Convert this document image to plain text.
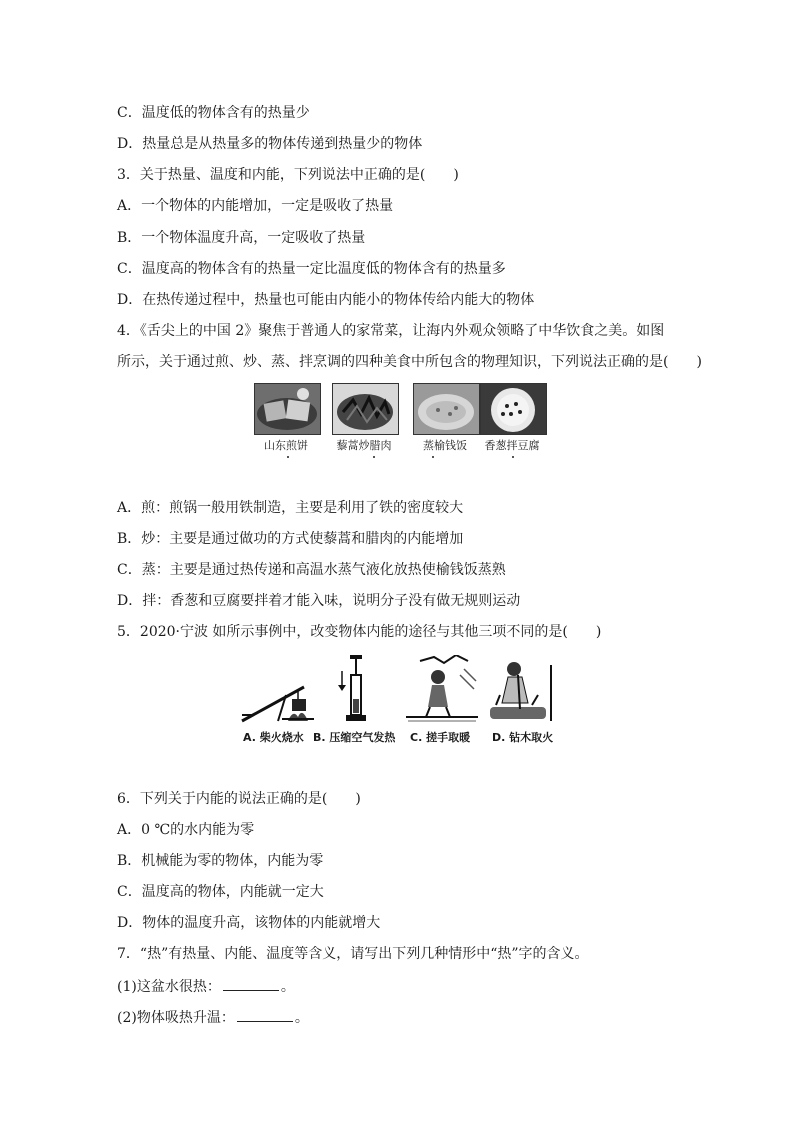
C．温度低的物体含有的热量少
D．热量总是从热量多的物体传递到热量少的物体
3．关于热量、温度和内能，下列说法中正确的是(　　)
A．一个物体的内能增加，一定是吸收了热量
B．一个物体温度升高，一定吸收了热量
C．温度高的物体含有的热量一定比温度低的物体含有的热量多
D．在热传递过程中，热量也可能由内能小的物体传给内能大的物体
4．《舌尖上的中国 2》聚焦于普通人的家常菜，让海内外观众领略了中华饮食之美。如图
所示，关于通过煎、炒、蒸、拌烹调的四种美食中所包含的物理知识，下列说法正确的是(　　)
山东煎饼	藜蒿炒腊肉	蒸榆钱饭	香葱拌豆腐
A．煎：煎锅一般用铁制造，主要是利用了铁的密度较大
B．炒：主要是通过做功的方式使藜蒿和腊肉的内能增加
C．蒸：主要是通过热传递和高温水蒸气液化放热使榆钱饭蒸熟
D．拌：香葱和豆腐要拌着才能入味，说明分子没有做无规则运动
5．2020·宁波 如所示事例中，改变物体内能的途径与其他三项不同的是(　　)
A. 柴火烧水 B. 压缩空气发热 C. 搓手取暖 D. 钻木取火
6．下列关于内能的说法正确的是(　　)
A．0 ℃的水内能为零
B．机械能为零的物体，内能为零
C．温度高的物体，内能就一定大
D．物体的温度升高，该物体的内能就增大
7．“热”有热量、内能、温度等含义，请写出下列几种情形中“热”字的含义。
(1)这盆水很热：	。
(2)物体吸热升温：	。
